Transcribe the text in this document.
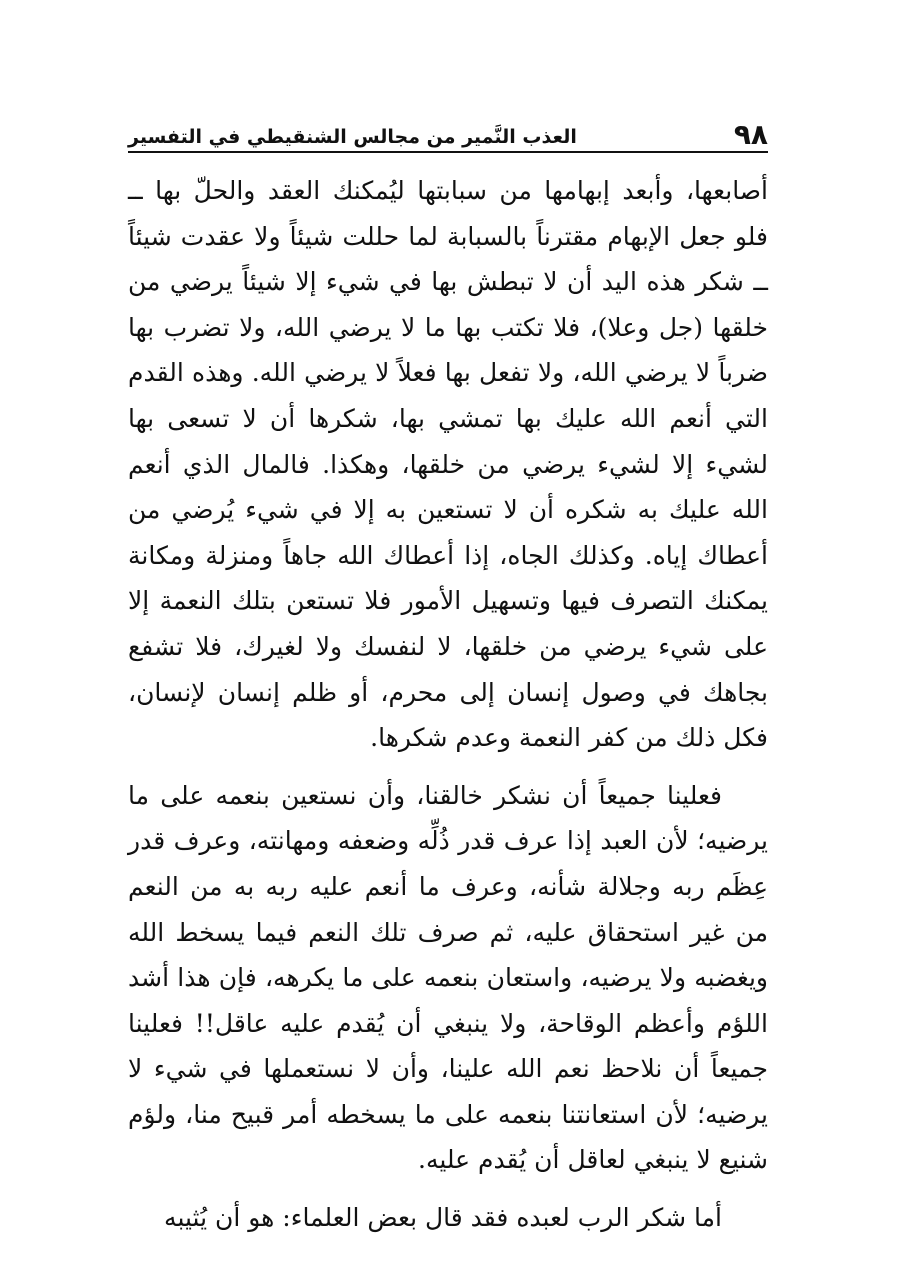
٩٨
العذب النَّمير من مجالس الشنقيطي في التفسير

أصابعها، وأبعد إبهامها من سبابتها ليُمكنك العقد والحلّ بها ــ فلو جعل الإبهام مقترناً بالسبابة لما حللت شيئاً ولا عقدت شيئاً ــ شكر هذه اليد أن لا تبطش بها في شيء إلا شيئاً يرضي من خلقها (جل وعلا)، فلا تكتب بها ما لا يرضي الله، ولا تضرب بها ضرباً لا يرضي الله، ولا تفعل بها فعلاً لا يرضي الله. وهذه القدم التي أنعم الله عليك بها تمشي بها، شكرها أن لا تسعى بها لشيء إلا لشيء يرضي من خلقها، وهكذا. فالمال الذي أنعم الله عليك به شكره أن لا تستعين به إلا في شيء يُرضي من أعطاك إياه. وكذلك الجاه، إذا أعطاك الله جاهاً ومنزلة ومكانة يمكنك التصرف فيها وتسهيل الأمور فلا تستعن بتلك النعمة إلا على شيء يرضي من خلقها، لا لنفسك ولا لغيرك، فلا تشفع بجاهك في وصول إنسان إلى محرم، أو ظلم إنسان لإنسان، فكل ذلك من كفر النعمة وعدم شكرها.

فعلينا جميعاً أن نشكر خالقنا، وأن نستعين بنعمه على ما يرضيه؛ لأن العبد إذا عرف قدر ذُلِّه وضعفه ومهانته، وعرف قدر عِظَم ربه وجلالة شأنه، وعرف ما أنعم عليه ربه به من النعم من غير استحقاق عليه، ثم صرف تلك النعم فيما يسخط الله ويغضبه ولا يرضيه، واستعان بنعمه على ما يكرهه، فإن هذا أشد اللؤم وأعظم الوقاحة، ولا ينبغي أن يُقدم عليه عاقل!! فعلينا جميعاً أن نلاحظ نعم الله علينا، وأن لا نستعملها في شيء لا يرضيه؛ لأن استعانتنا بنعمه على ما يسخطه أمر قبيح منا، ولؤم شنيع لا ينبغي لعاقل أن يُقدم عليه.

أما شكر الرب لعبده فقد قال بعض العلماء: هو أن يُثيبه
